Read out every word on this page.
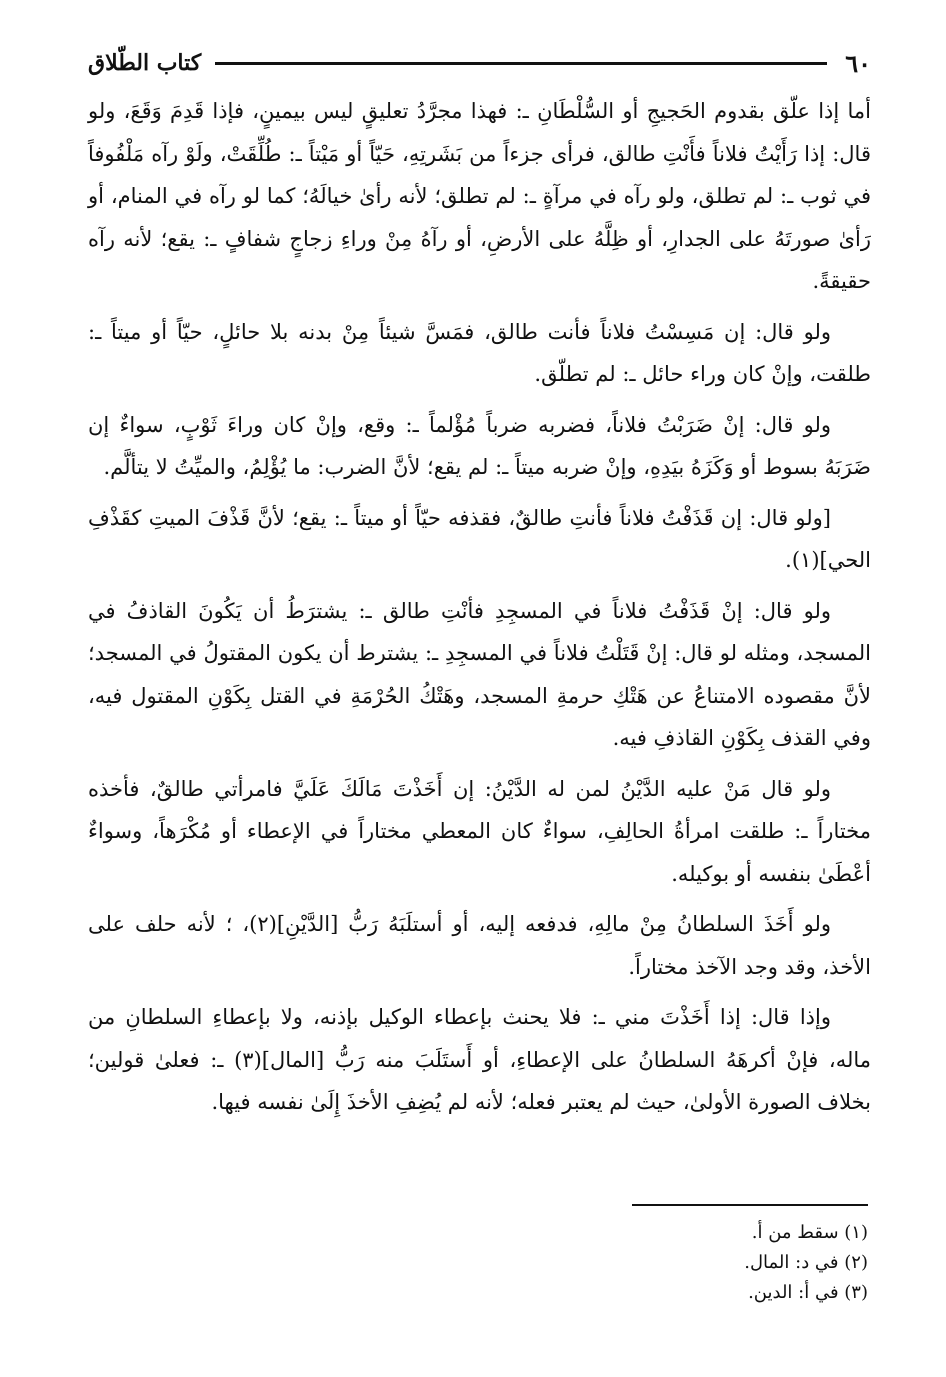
٦٠
كتاب الطّلاق

أما إذا علّق بقدوم الحَجيجِ أو السُّلْطَانِ ـ: فهذا مجرَّدُ تعليقٍ ليس بيمينٍ، فإذا قَدِمَ وَقَعَ، ولو قال: إذا رَأَيْتُ فلاناً فأَنْتِ طالق، فرأى جزءاً من بَشَرتِهِ، حَيّاً أو مَيْتاً ـ: طُلِّقَتْ، ولَوْ رآه مَلْفُوفاً في ثوب ـ: لم تطلق، ولو رآه في مرآةٍ ـ: لم تطلق؛ لأنه رأىٰ خيالَهُ؛ كما لو رآه في المنام، أو رَأىٰ صورتَهُ على الجدارِ، أو ظِلَّهُ على الأرضِ، أو رآهُ مِنْ وراءِ زجاجٍ شفافٍ ـ: يقع؛ لأنه رآه حقيقةً.

ولو قال: إن مَسِسْتُ فلاناً فأنت طالق، فمَسَّ شيئاً مِنْ بدنه بلا حائلٍ، حيّاً أو ميتاً ـ: طلقت، وإنْ كان وراء حائل ـ: لم تطلّق.

ولو قال: إنْ ضَرَبْتُ فلاناً، فضربه ضرباً مُؤْلماً ـ: وقع، وإنْ كان وراءَ ثَوْبٍ، سواءٌ إن ضَرَبَهُ بسوط أو وَكَزَهُ بيَدِهِ، وإنْ ضربه ميتاً ـ: لم يقع؛ لأنَّ الضرب: ما يُؤْلِمُ، والميِّتُ لا يتألَّم.

[ولو قال: إن قَذَفْتُ فلاناً فأنتِ طالقٌ، فقذفه حيّاً أو ميتاً ـ: يقع؛ لأنَّ قَذْفَ الميتِ كقَذْفِ الحي](١).

ولو قال: إنْ قَذَفْتُ فلاناً في المسجِدِ فأنْتِ طالق ـ: يشترَطُ أن يَكُونَ القاذفُ في المسجد، ومثله لو قال: إنْ قَتَلْتُ فلاناً في المسجِدِ ـ: يشترط أن يكون المقتولُ في المسجد؛ لأنَّ مقصوده الامتناعُ عن هَتْكِ حرمةِ المسجد، وهَتْكُ الحُرْمَةِ في القتل بِكَوْنِ المقتول فيه، وفي القذف بِكَوْنِ القاذفِ فيه.

ولو قال مَنْ عليه الدَّيْنُ لمن له الدَّيْنُ: إن أَخَذْتَ مَالَكَ عَلَيَّ فامرأتي طالقٌ، فأخذه مختاراً ـ: طلقت امرأةُ الحالِفِ، سواءٌ كان المعطي مختاراً في الإعطاء أو مُكْرَهاً، وسواءٌ أعْطَىٰ بنفسه أو بوكيله.

ولو أَخَذَ السلطانُ مِنْ مالِهِ، فدفعه إليه، أو أستلَبَهُ رَبُّ [الدَّيْنِ](٢)، ؛ لأنه حلف على الأخذ، وقد وجد الآخذ مختاراً.

وإذا قال: إذا أَخَذْتَ مني ـ: فلا يحنث بإعطاء الوكيل بإذنه، ولا بإعطاءِ السلطانِ من ماله، فإنْ أكرهَهُ السلطانُ على الإعطاءِ، أو أَستَلَبَ منه رَبُّ [المال](٣) ـ: فعلىٰ قولين؛ بخلاف الصورة الأولىٰ، حيث لم يعتبر فعله؛ لأنه لم يُضِفِ الأخذَ إِلَىٰ نفسه فيها.

(١) سقط من أ.

(٢) في د: المال.

(٣) في أ: الدين.
